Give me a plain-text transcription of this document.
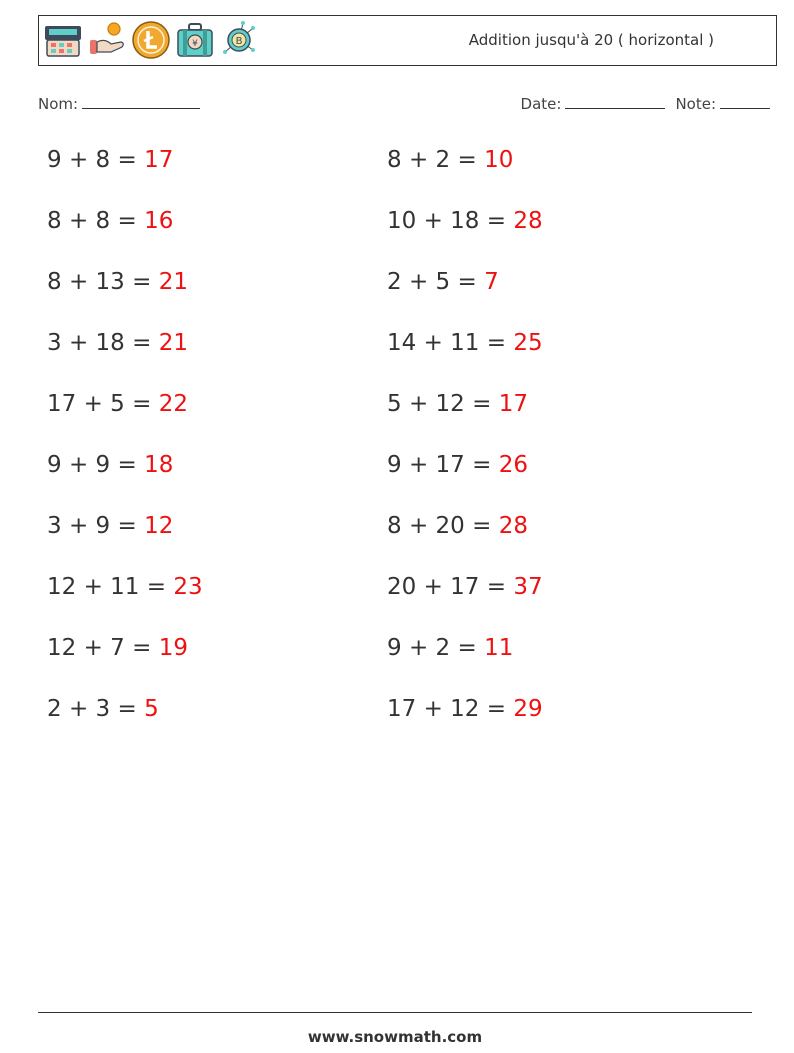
¥	B	Addition jusqu'à 20 ( horizontal )
Nom:	Date:	Note:
9 + 8 = 17
8 + 8 = 16
8 + 13 = 21
3 + 18 = 21
17 + 5 = 22
9 + 9 = 18
3 + 9 = 12
12 + 11 = 23
12 + 7 = 19
2 + 3 = 5
8 + 2 = 10
10 + 18 = 28
2 + 5 = 7
14 + 11 = 25
5 + 12 = 17
9 + 17 = 26
8 + 20 = 28
20 + 17 = 37
9 + 2 = 11
17 + 12 = 29
www.snowmath.com
